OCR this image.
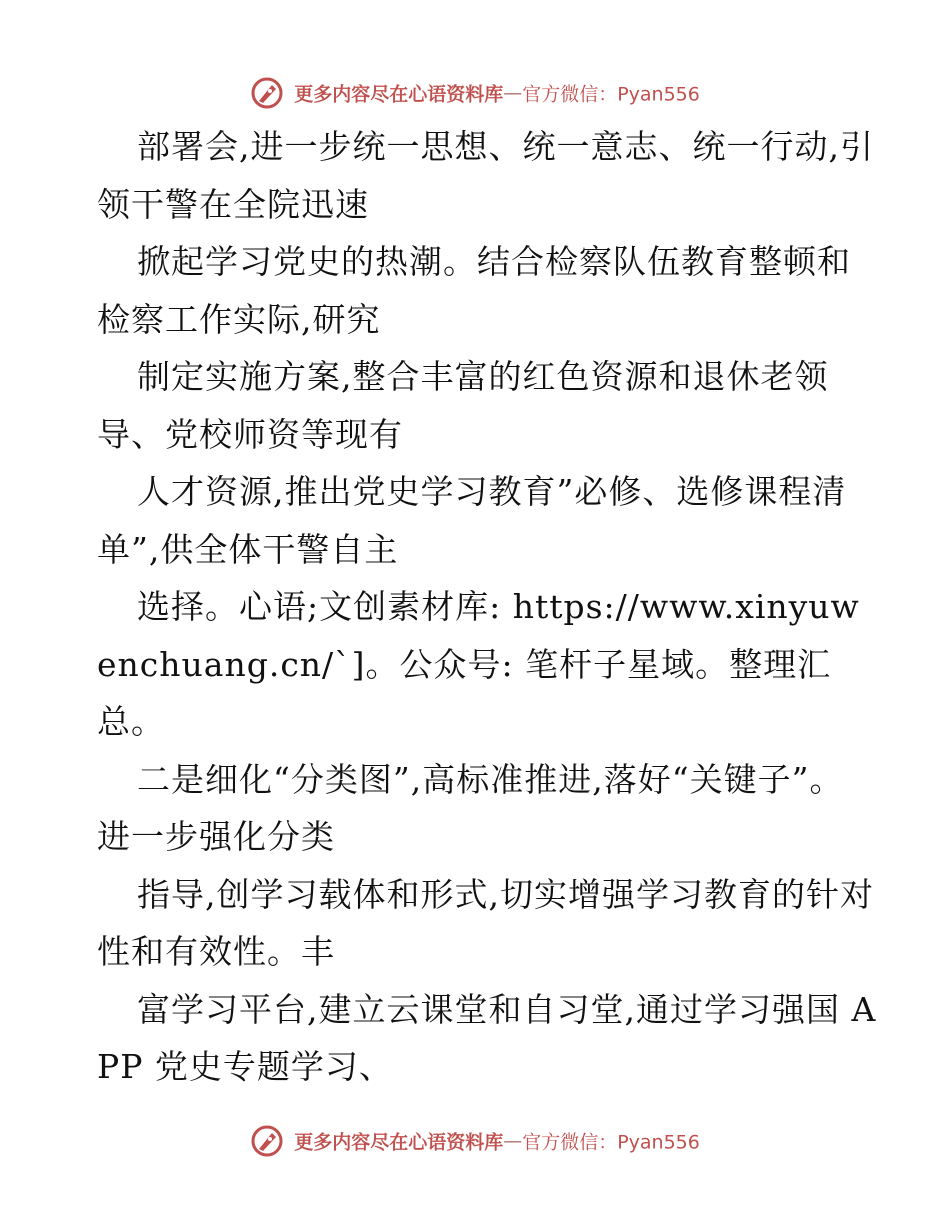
更多内容尽在心语资料库—官方微信：Pyan556

部署会,进一步统一思想、统一意志、统一行动,引领干警在全院迅速

掀起学习党史的热潮。结合检察队伍教育整顿和检察工作实际,研究

制定实施方案,整合丰富的红色资源和退休老领导、党校师资等现有

人才资源,推出党史学习教育”必修、选修课程清单”,供全体干警自主

选择。心语;文创素材库: https://www.xinyuwenchuang.cn/`]。公众号: 笔杆子星域。整理汇总。

二是细化“分类图”,高标准推进,落好“关键子”。进一步强化分类

指导,创学习载体和形式,切实增强学习教育的针对性和有效性。丰

富学习平台,建立云课堂和自习堂,通过学习强国 APP 党史专题学习、

更多内容尽在心语资料库—官方微信：Pyan556
